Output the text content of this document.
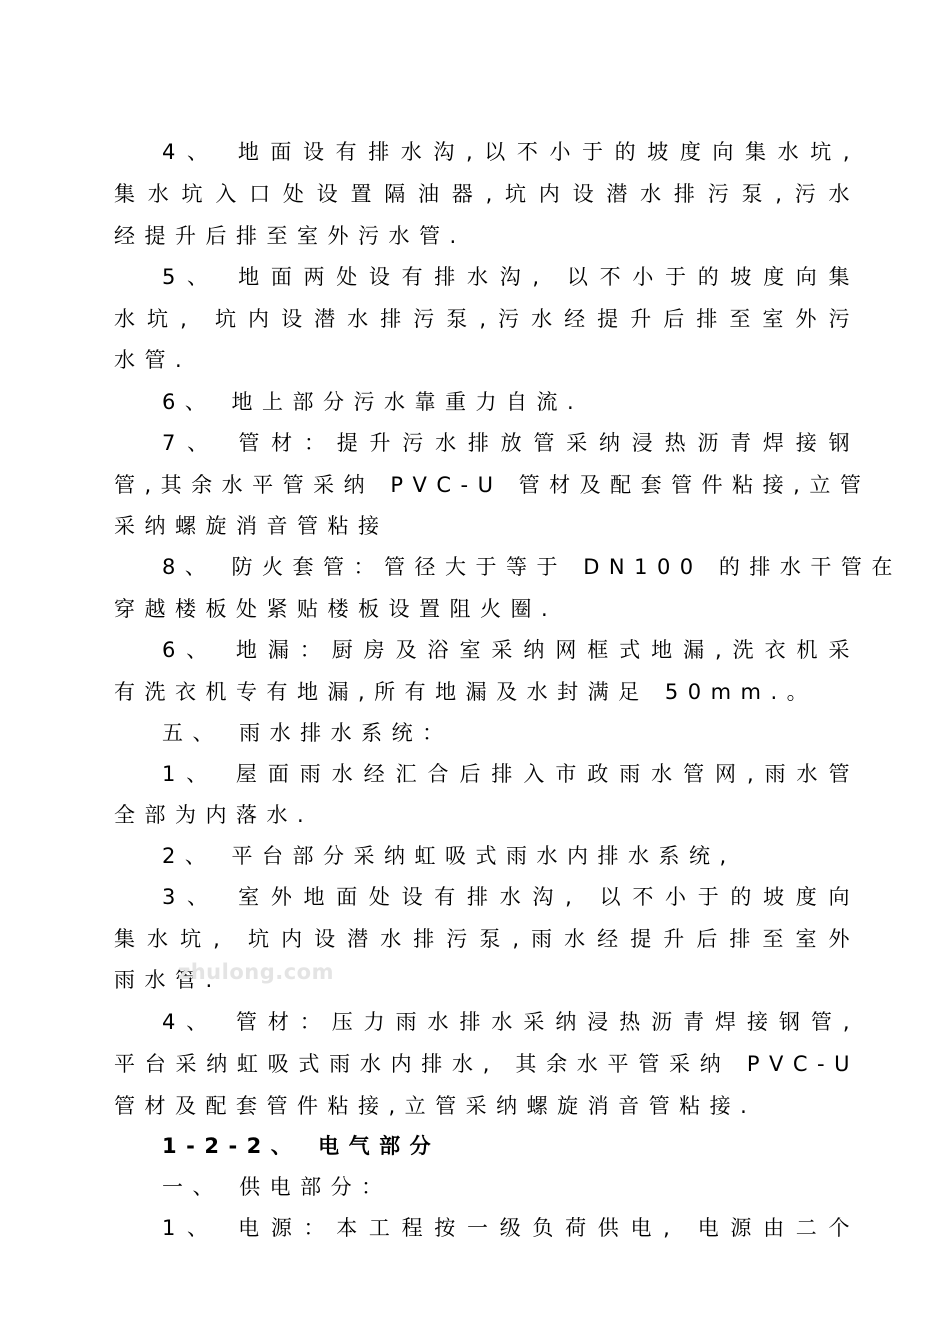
4、 地面设有排水沟,以不小于的坡度向集水坑,
集水坑入口处设置隔油器,坑内设潜水排污泵,污水
经提升后排至室外污水管.
5、 地面两处设有排水沟, 以不小于的坡度向集
水坑, 坑内设潜水排污泵,污水经提升后排至室外污
水管.
6、 地上部分污水靠重力自流.
7、 管材：提升污水排放管采纳浸热沥青焊接钢
管,其余水平管采纳 PVC-U 管材及配套管件粘接,立管
采纳螺旋消音管粘接
8、 防火套管：管径大于等于 DN100 的排水干管在
穿越楼板处紧贴楼板设置阻火圈.
6、 地漏：厨房及浴室采纳网框式地漏,洗衣机采
有洗衣机专有地漏,所有地漏及水封满足 50mm.。
五、 雨水排水系统：
1、 屋面雨水经汇合后排入市政雨水管网,雨水管
全部为内落水.
2、 平台部分采纳虹吸式雨水内排水系统,
3、 室外地面处设有排水沟, 以不小于的坡度向
集水坑, 坑内设潜水排污泵,雨水经提升后排至室外
雨水管.
4、 管材：压力雨水排水采纳浸热沥青焊接钢管,
平台采纳虹吸式雨水内排水, 其余水平管采纳 PVC-U
管材及配套管件粘接,立管采纳螺旋消音管粘接.
1-2-2、 电气部分
一、 供电部分：
1、 电源：本工程按一级负荷供电, 电源由二个
zhulong.com
